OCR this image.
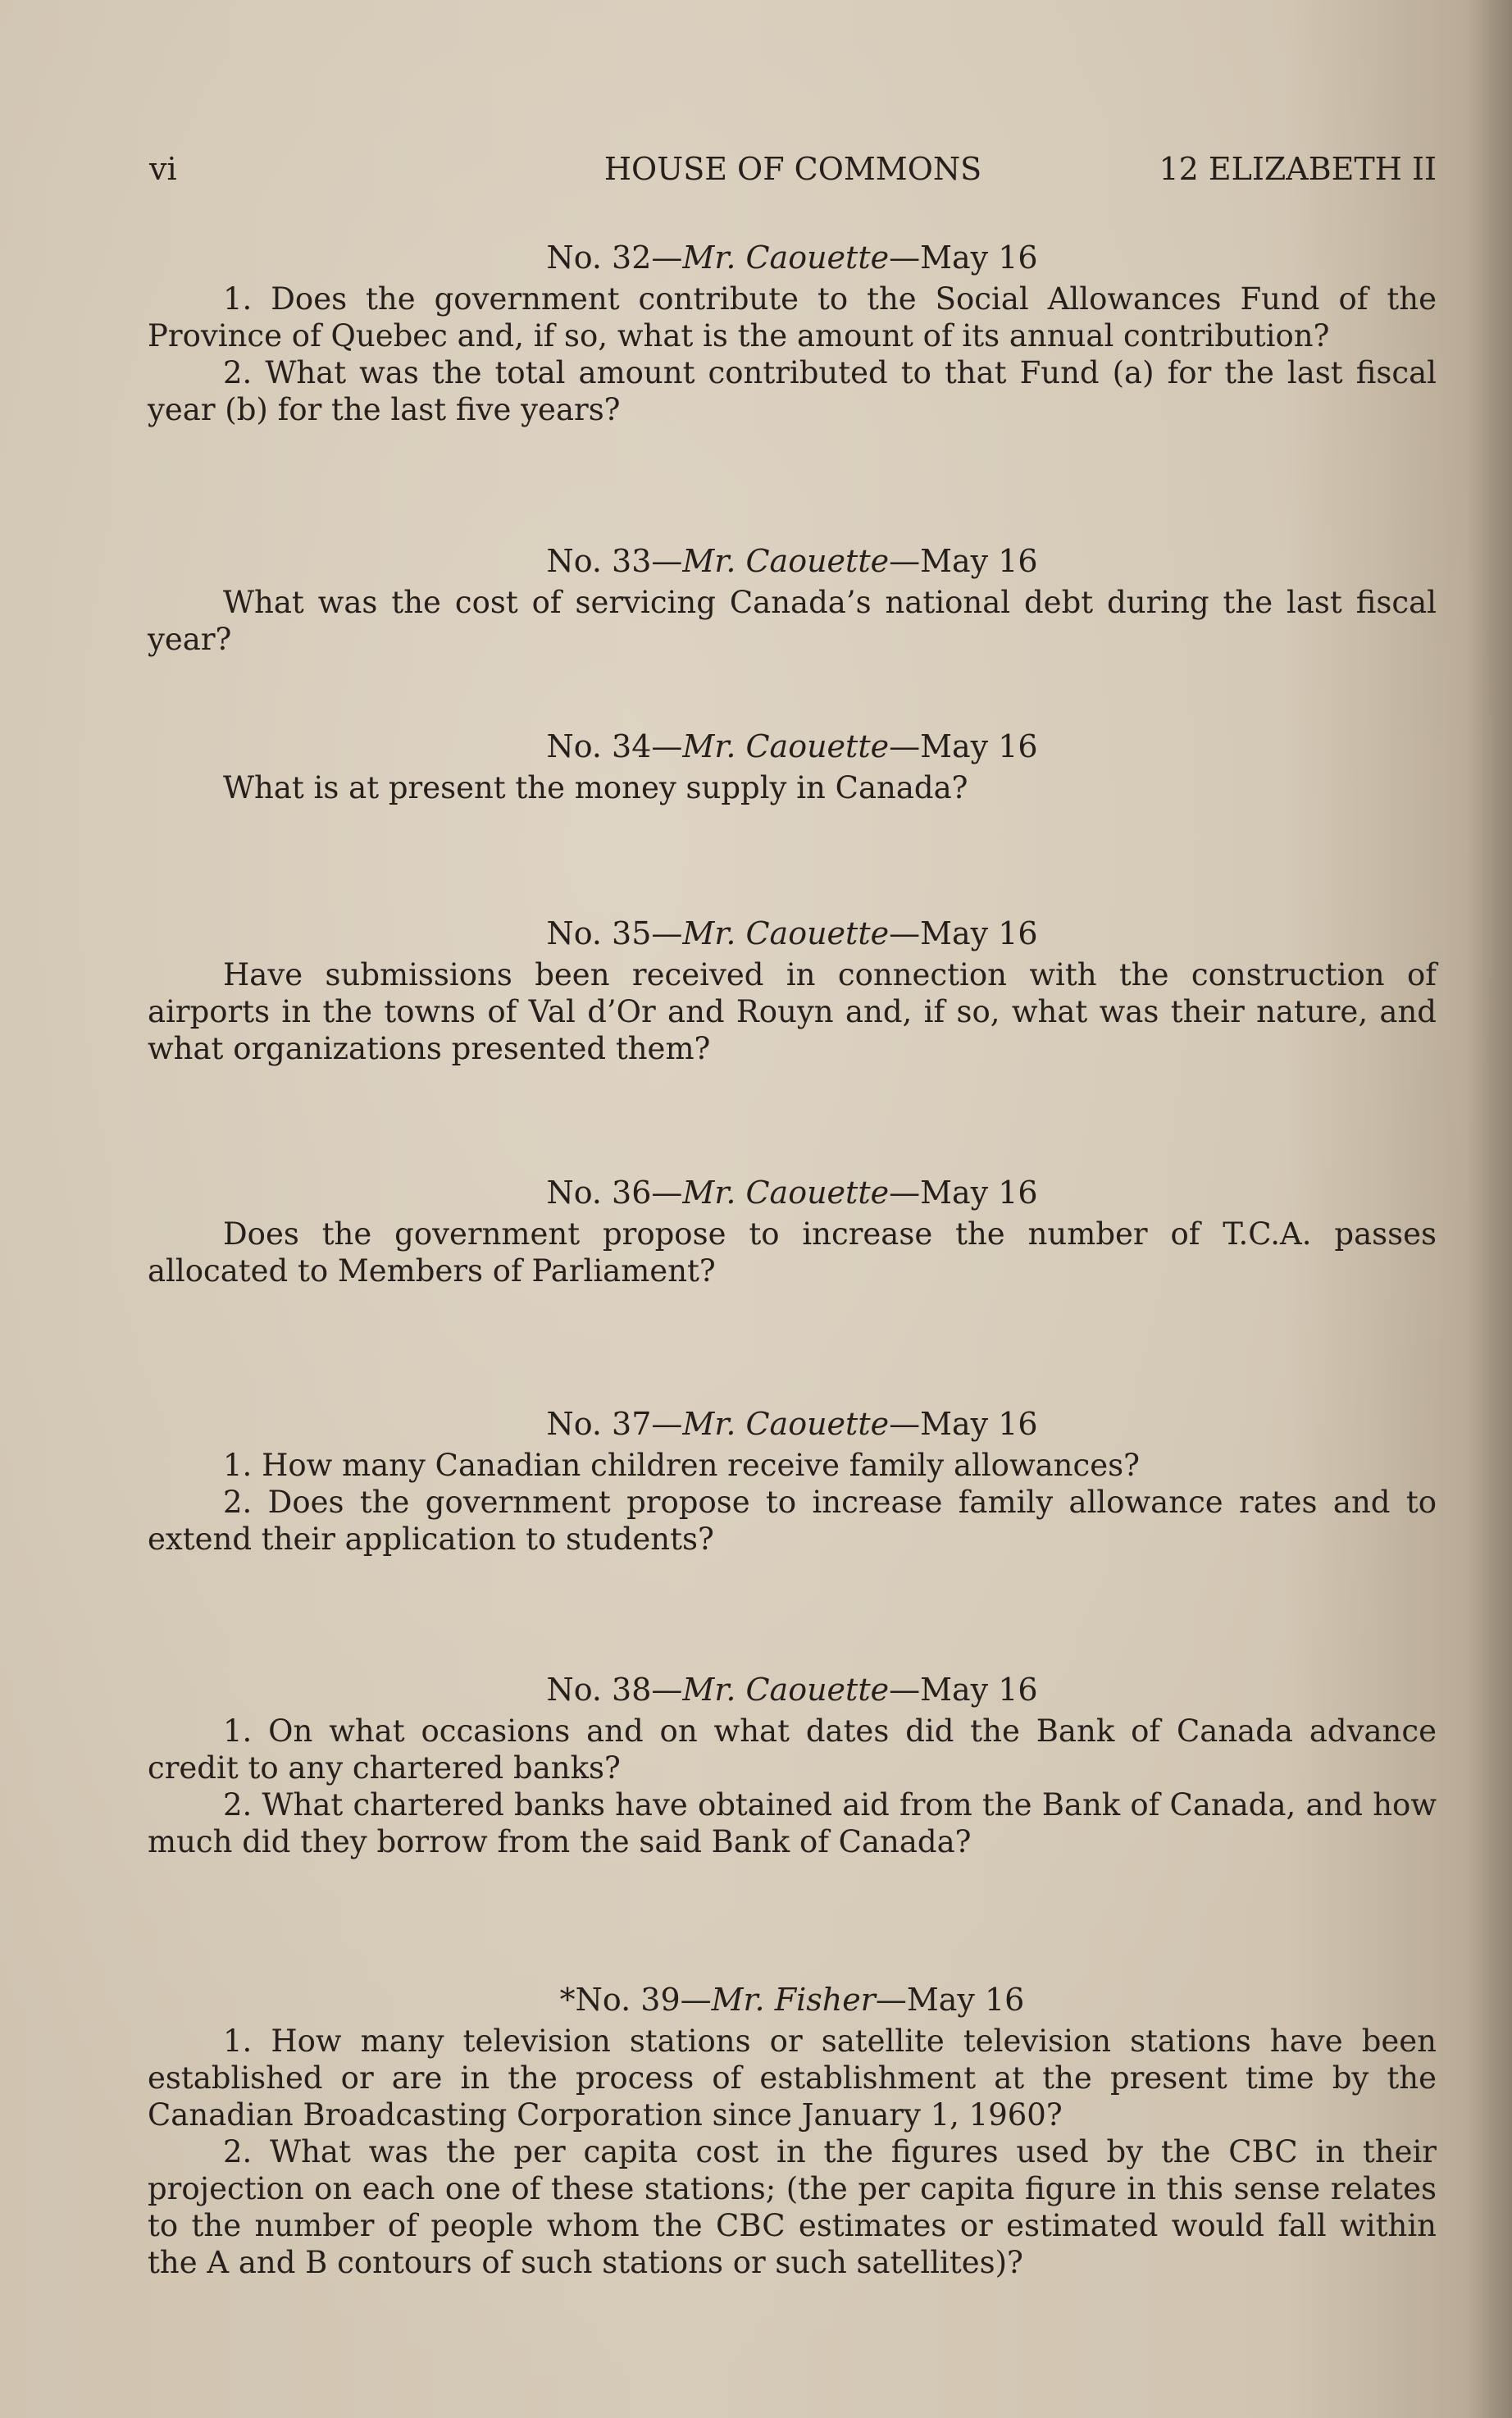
vi	HOUSE OF COMMONS	12 ELIZABETH II
No. 32—Mr. Caouette—May 16

1. Does the government contribute to the Social Allowances Fund of the Province of Quebec and, if so, what is the amount of its annual contribution?

2. What was the total amount contributed to that Fund (a) for the last fiscal year (b) for the last five years?

No. 33—Mr. Caouette—May 16

What was the cost of servicing Canada’s national debt during the last fiscal year?

No. 34—Mr. Caouette—May 16

What is at present the money supply in Canada?

No. 35—Mr. Caouette—May 16

Have submissions been received in connection with the construction of airports in the towns of Val d’Or and Rouyn and, if so, what was their nature, and what organizations presented them?

No. 36—Mr. Caouette—May 16

Does the government propose to increase the number of T.C.A. passes allocated to Members of Parliament?

No. 37—Mr. Caouette—May 16

1. How many Canadian children receive family allowances?

2. Does the government propose to increase family allowance rates and to extend their application to students?

No. 38—Mr. Caouette—May 16

1. On what occasions and on what dates did the Bank of Canada advance credit to any chartered banks?

2. What chartered banks have obtained aid from the Bank of Canada, and how much did they borrow from the said Bank of Canada?

*No. 39—Mr. Fisher—May 16

1. How many television stations or satellite television stations have been established or are in the process of establishment at the present time by the Canadian Broadcasting Corporation since January 1, 1960?

2. What was the per capita cost in the figures used by the CBC in their projection on each one of these stations; (the per capita figure in this sense relates to the number of people whom the CBC estimates or estimated would fall within the A and B contours of such stations or such satellites)?
